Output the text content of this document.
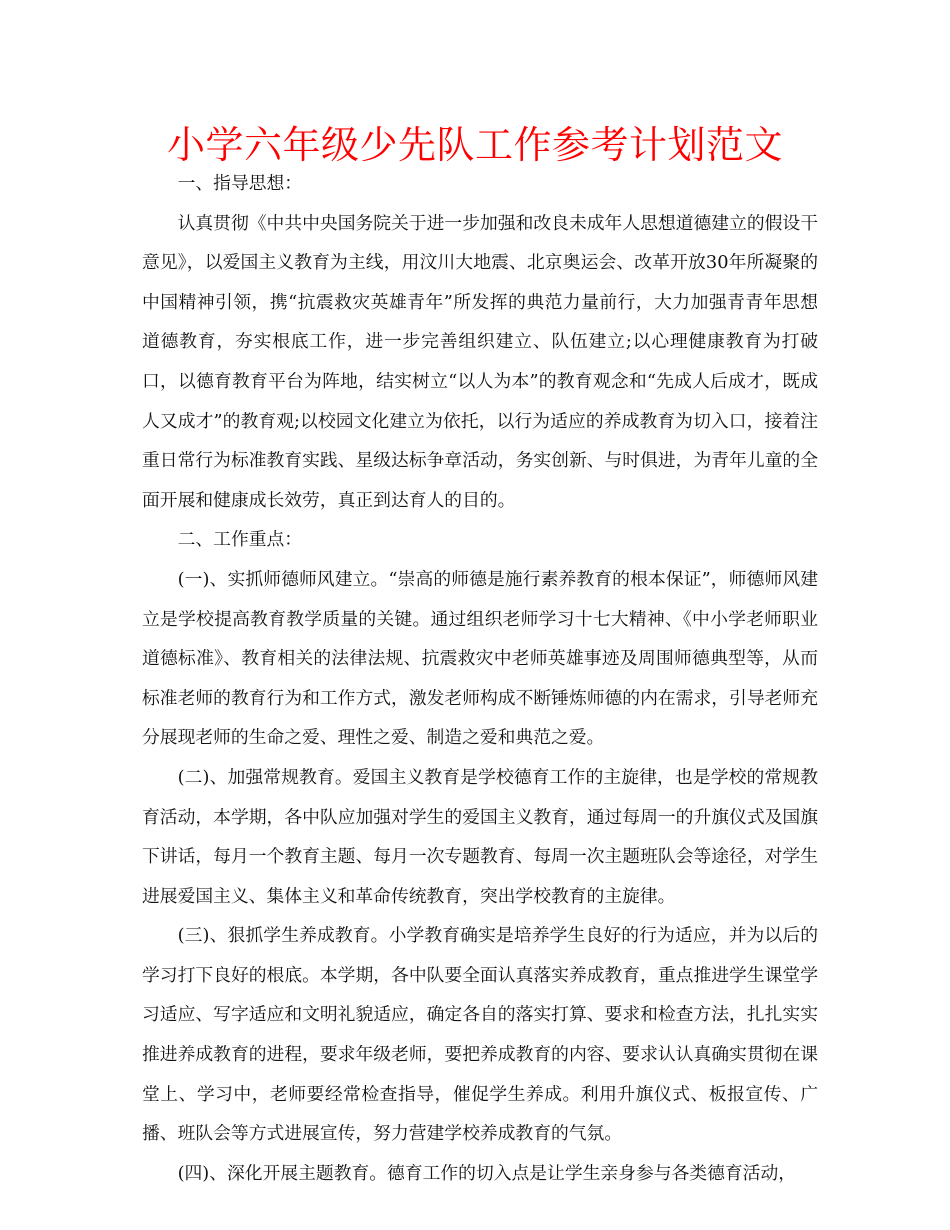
小学六年级少先队工作参考计划范文

一、指导思想：

认真贯彻《中共中央国务院关于进一步加强和改良未成年人思想道德建立的假设干意见》，以爱国主义教育为主线，用汶川大地震、北京奥运会、改革开放30年所凝聚的中国精神引领，携“抗震救灾英雄青年”所发挥的典范力量前行，大力加强青青年思想道德教育，夯实根底工作，进一步完善组织建立、队伍建立;以心理健康教育为打破口，以德育教育平台为阵地，结实树立“以人为本”的教育观念和“先成人后成才，既成人又成才”的教育观;以校园文化建立为依托，以行为适应的养成教育为切入口，接着注重日常行为标准教育实践、星级达标争章活动，务实创新、与时俱进，为青年儿童的全面开展和健康成长效劳，真正到达育人的目的。

二、工作重点：

(一)、实抓师德师风建立。“崇高的师德是施行素养教育的根本保证”，师德师风建立是学校提高教育教学质量的关键。通过组织老师学习十七大精神、《中小学老师职业道德标准》、教育相关的法律法规、抗震救灾中老师英雄事迹及周围师德典型等，从而标准老师的教育行为和工作方式，激发老师构成不断锤炼师德的内在需求，引导老师充分展现老师的生命之爱、理性之爱、制造之爱和典范之爱。

(二)、加强常规教育。爱国主义教育是学校德育工作的主旋律，也是学校的常规教育活动，本学期，各中队应加强对学生的爱国主义教育，通过每周一的升旗仪式及国旗下讲话，每月一个教育主题、每月一次专题教育、每周一次主题班队会等途径，对学生进展爱国主义、集体主义和革命传统教育，突出学校教育的主旋律。

(三)、狠抓学生养成教育。小学教育确实是培养学生良好的行为适应，并为以后的学习打下良好的根底。本学期，各中队要全面认真落实养成教育，重点推进学生课堂学习适应、写字适应和文明礼貌适应，确定各自的落实打算、要求和检查方法，扎扎实实推进养成教育的进程，要求年级老师，要把养成教育的内容、要求认认真确实贯彻在课堂上、学习中，老师要经常检查指导，催促学生养成。利用升旗仪式、板报宣传、广播、班队会等方式进展宣传，努力营建学校养成教育的气氛。

(四)、深化开展主题教育。德育工作的切入点是让学生亲身参与各类德育活动，
